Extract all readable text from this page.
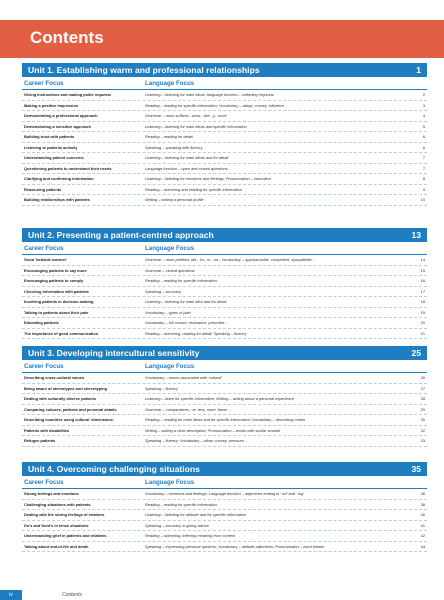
Contents
Unit 1. Establishing warm and professional relationships	1
Career Focus	Language Focus
Giving instructions and making polite requests	Listening – listening for main ideas; language function – softening requests	2
Making a positive impression	Reading – reading for specific information; Vocabulary – adopt, convey, influence ...	3
Demonstrating a professional approach	Grammar – noun suffixes: -ness, -ilve, -y, -ence	4
Demonstrating a sensitive approach	Listening – listening for main ideas and specific information	5
Building trust with patients	Reading – reading for detail	6
Listening to patients actively	Speaking – speaking with fluency	6
Understanding patient concerns	Listening – listening for main ideas and for detail	7
Questioning patients to understand their needs	Language function – open and closed questions	7
Clarifying and confirming information	Listening – listening for emotions and feelings; Pronunciation – intonation	8
Reassuring patients	Reading – skimming and reading for specific information	9
Building relationships with patients	Writing – writing a personal profile	10
Unit 2. Presenting a patient-centred approach	13
Career Focus	Language Focus
Good 'bedside manner'	Grammar – noun prefixes: dis-, im-, in-, un-; Vocabulary – approachable, competent, sympathetic ...	14
Encouraging patients to say more	Grammar – closed questions	15
Encouraging patients to comply	Reading – reading for specific information	16
Checking information with patients	Speaking – accuracy	17
Involving patients in decision-making	Listening – listening for main idea and for detail	18
Talking to patients about their pain	Vocabulary – types of pain	19
Educating patients	Vocabulary – full course, resistance, prescribe ...	20
The importance of good communication	Reading – skimming, reading for detail; Speaking – fluency	21
Unit 3. Developing intercultural sensitivity	25
Career Focus	Language Focus
Describing cross-cultural values	Vocabulary – nouns associated with 'cultural'	26
Being aware of stereotypes and stereotyping	Speaking – fluency	27
Dealing with culturally diverse patients	Listening – listen for specific information; Writing – writing about a personal experience	28
Comparing cultures, patients and personal details	Grammar – comparatives: -er, less, more, fewer ...	29
Describing countries using cultural 'dimensions'	Reading – reading for main ideas and for specific information; Vocabulary – describing charts	30
Patients with disabilities	Writing – writing a clinic description; Pronunciation – words with similar sounds	32
Refugee patients	Speaking – fluency; Vocabulary – allow, convey, pressure ...	33
Unit 4. Overcoming challenging situations	35
Career Focus	Language Focus
Strong feelings and emotions	Vocabulary – emotions and feelings; Language function – adjectives ending in '-ed' and '-ing'	36
Challenging situations with patients	Reading – reading for specific information	38
Dealing with the strong feelings of relatives	Listening – listening for attitude and for specific information	40
Do's and Dont's in tense situations	Speaking – accuracy in giving advice	41
Understanding grief in patients and relatives	Reading – skimming; inferring meaning from context	42
Talking about end-of-life and death	Speaking – expressing personal opinions; Vocabulary – attitude adjectives; Pronunciation – word breaks	44
iv	Contents
